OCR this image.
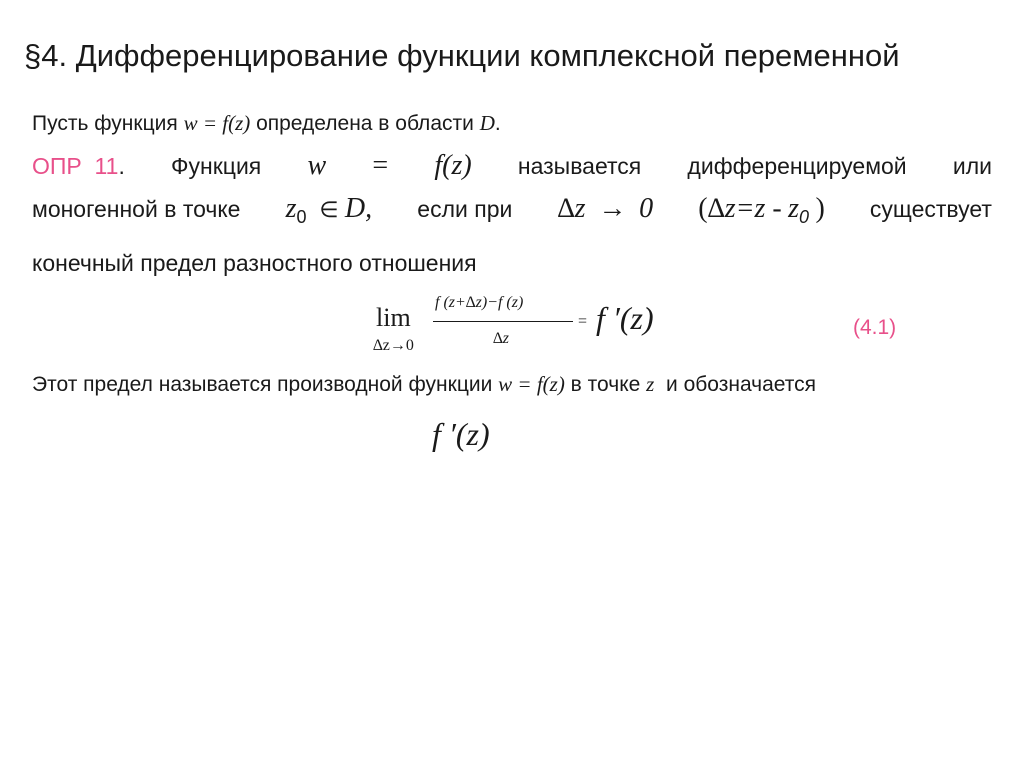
§4. Дифференцирование функции комплексной переменной
Пусть функция w = f(z) определена в области D.
ОПР 11. Функция w = f(z) называется дифференцируемой или
моногенной в точке $z_0$ ∈ D, если при ∆z → 0 ($\Delta z=z - z_0$ ) существует
конечный предел разностного отношения
lim
∆z→0
f (z+∆z)−f (z)
∆z
= f ′(z)	(4.1)
Этот предел называется производной функции w = f(z) в точке z и обозначается
f ′(z)
